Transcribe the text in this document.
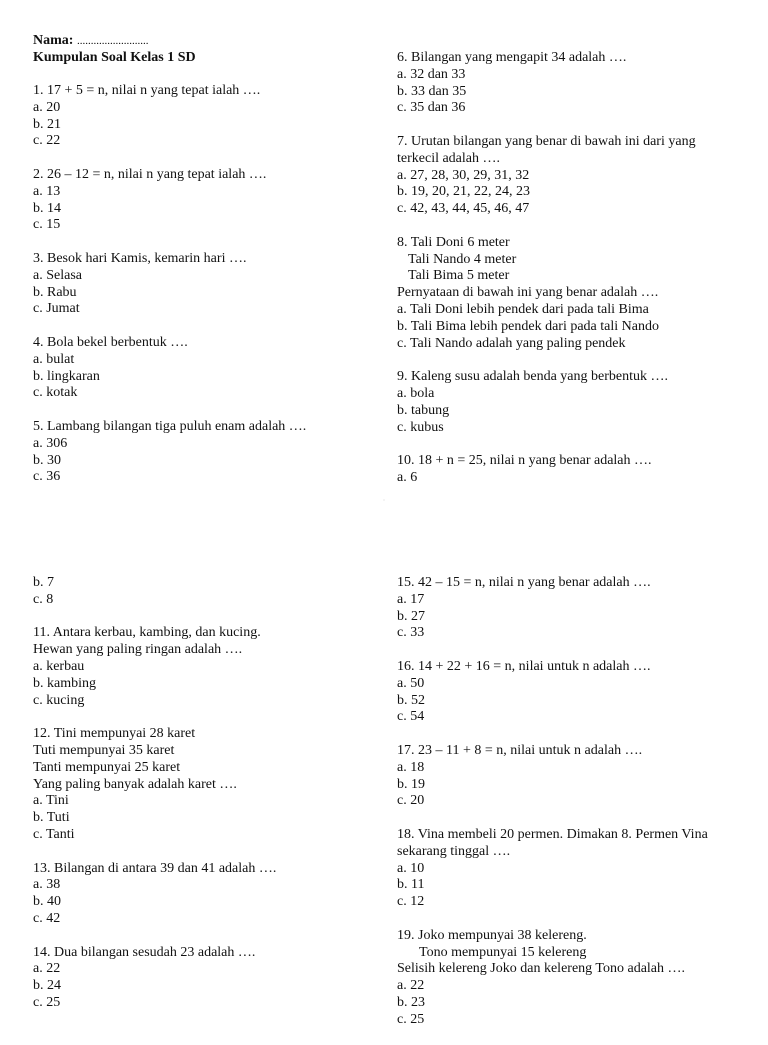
Nama: ..........................
Kumpulan Soal Kelas 1 SD
1. 17 + 5 = n, nilai n yang tepat ialah ….
a. 20
b. 21
c. 22
2. 26 – 12 = n, nilai n yang tepat ialah ….
a. 13
b. 14
c. 15
3. Besok hari Kamis, kemarin hari ….
a. Selasa
b. Rabu
c. Jumat
4. Bola bekel berbentuk ….
a. bulat
b. lingkaran
c. kotak
5. Lambang bilangan tiga puluh enam adalah ….
a. 306
b. 30
c. 36
6. Bilangan yang mengapit 34 adalah ….
a. 32 dan 33
b. 33 dan 35
c. 35 dan 36
7. Urutan bilangan yang benar di bawah ini dari yang
terkecil adalah ….
a. 27, 28, 30, 29, 31, 32
b. 19, 20, 21, 22, 24, 23
c. 42, 43, 44, 45, 46, 47
8. Tali Doni 6 meter
Tali Nando 4 meter
Tali Bima 5 meter
Pernyataan di bawah ini yang benar adalah ….
a. Tali Doni lebih pendek dari pada tali Bima
b. Tali Bima lebih pendek dari pada tali Nando
c. Tali Nando adalah yang paling pendek
9. Kaleng susu adalah benda yang berbentuk ….
a. bola
b. tabung
c. kubus
10. 18 + n = 25, nilai n yang benar adalah ….
a. 6
ˈ
b. 7
c. 8
11. Antara kerbau, kambing, dan kucing.
Hewan yang paling ringan adalah ….
a. kerbau
b. kambing
c. kucing
12. Tini mempunyai 28 karet
Tuti mempunyai 35 karet
Tanti mempunyai 25 karet
Yang paling banyak adalah karet ….
a. Tini
b. Tuti
c. Tanti
13. Bilangan di antara 39 dan 41 adalah ….
a. 38
b. 40
c. 42
14. Dua bilangan sesudah 23 adalah ….
a. 22
b. 24
c. 25
15. 42 – 15 = n, nilai n yang benar adalah ….
a. 17
b. 27
c. 33
16. 14 + 22 + 16 = n, nilai untuk n adalah ….
a. 50
b. 52
c. 54
17. 23 – 11 + 8 = n, nilai untuk n adalah ….
a. 18
b. 19
c. 20
18. Vina membeli 20 permen. Dimakan 8. Permen Vina
sekarang tinggal ….
a. 10
b. 11
c. 12
19. Joko mempunyai 38 kelereng.
Tono mempunyai 15 kelereng
Selisih kelereng Joko dan kelereng Tono adalah ….
a. 22
b. 23
c. 25
